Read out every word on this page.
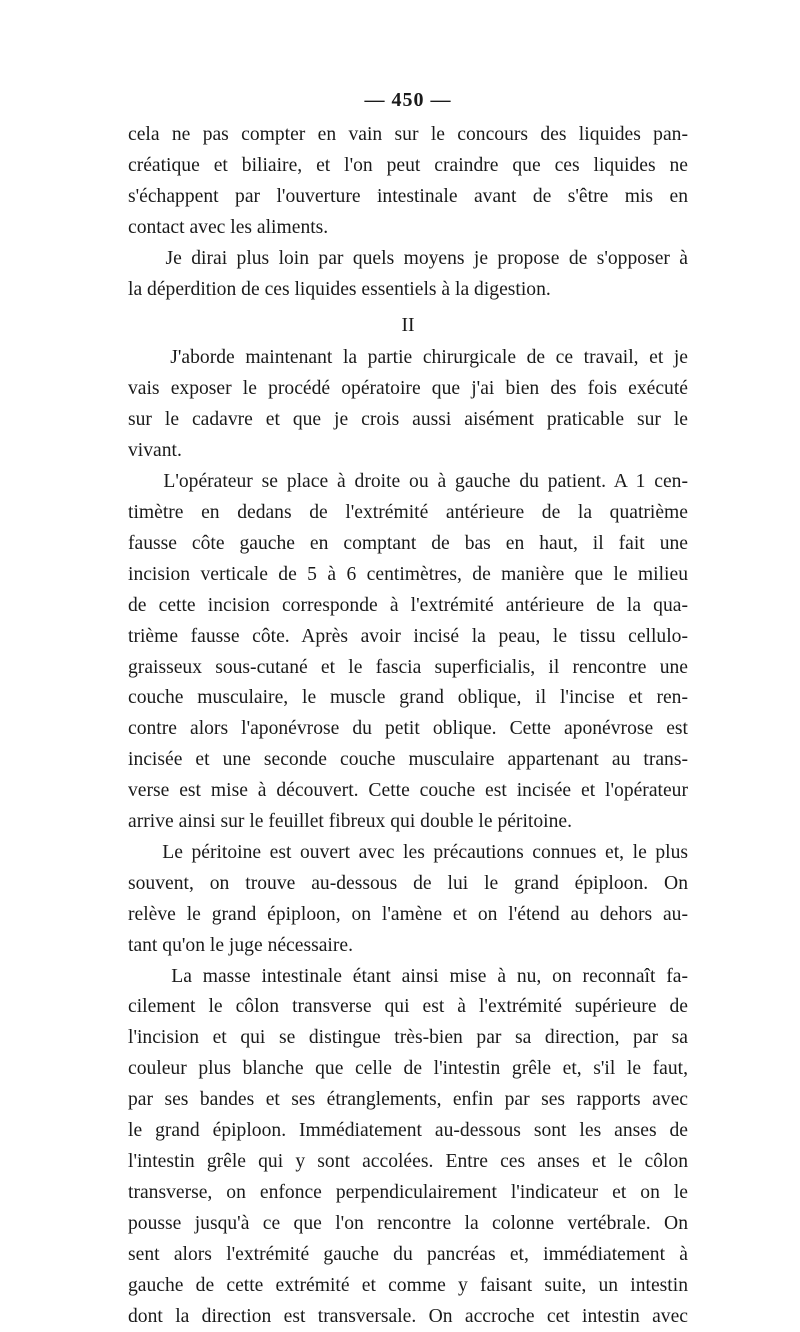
— 450 —
cela ne pas compter en vain sur le concours des liquides pan-
créatique et biliaire, et l'on peut craindre que ces liquides ne
s'échappent par l'ouverture intestinale avant de s'être mis en
contact avec les aliments.
Je dirai plus loin par quels moyens je propose de s'opposer à
la déperdition de ces liquides essentiels à la digestion.
II
J'aborde maintenant la partie chirurgicale de ce travail, et je
vais exposer le procédé opératoire que j'ai bien des fois exécuté
sur le cadavre et que je crois aussi aisément praticable sur le
vivant.
L'opérateur se place à droite ou à gauche du patient. A 1 cen-
timètre en dedans de l'extrémité antérieure de la quatrième
fausse côte gauche en comptant de bas en haut, il fait une
incision verticale de 5 à 6 centimètres, de manière que le milieu
de cette incision corresponde à l'extrémité antérieure de la qua-
trième fausse côte. Après avoir incisé la peau, le tissu cellulo-
graisseux sous-cutané et le fascia superficialis, il rencontre une
couche musculaire, le muscle grand oblique, il l'incise et ren-
contre alors l'aponévrose du petit oblique. Cette aponévrose est
incisée et une seconde couche musculaire appartenant au trans-
verse est mise à découvert. Cette couche est incisée et l'opérateur
arrive ainsi sur le feuillet fibreux qui double le péritoine.
Le péritoine est ouvert avec les précautions connues et, le plus
souvent, on trouve au-dessous de lui le grand épiploon. On
relève le grand épiploon, on l'amène et on l'étend au dehors au-
tant qu'on le juge nécessaire.
La masse intestinale étant ainsi mise à nu, on reconnaît fa-
cilement le côlon transverse qui est à l'extrémité supérieure de
l'incision et qui se distingue très-bien par sa direction, par sa
couleur plus blanche que celle de l'intestin grêle et, s'il le faut,
par ses bandes et ses étranglements, enfin par ses rapports avec
le grand épiploon. Immédiatement au-dessous sont les anses de
l'intestin grêle qui y sont accolées. Entre ces anses et le côlon
transverse, on enfonce perpendiculairement l'indicateur et on le
pousse jusqu'à ce que l'on rencontre la colonne vertébrale. On
sent alors l'extrémité gauche du pancréas et, immédiatement à
gauche de cette extrémité et comme y faisant suite, un intestin
dont la direction est transversale. On accroche cet intestin avec
